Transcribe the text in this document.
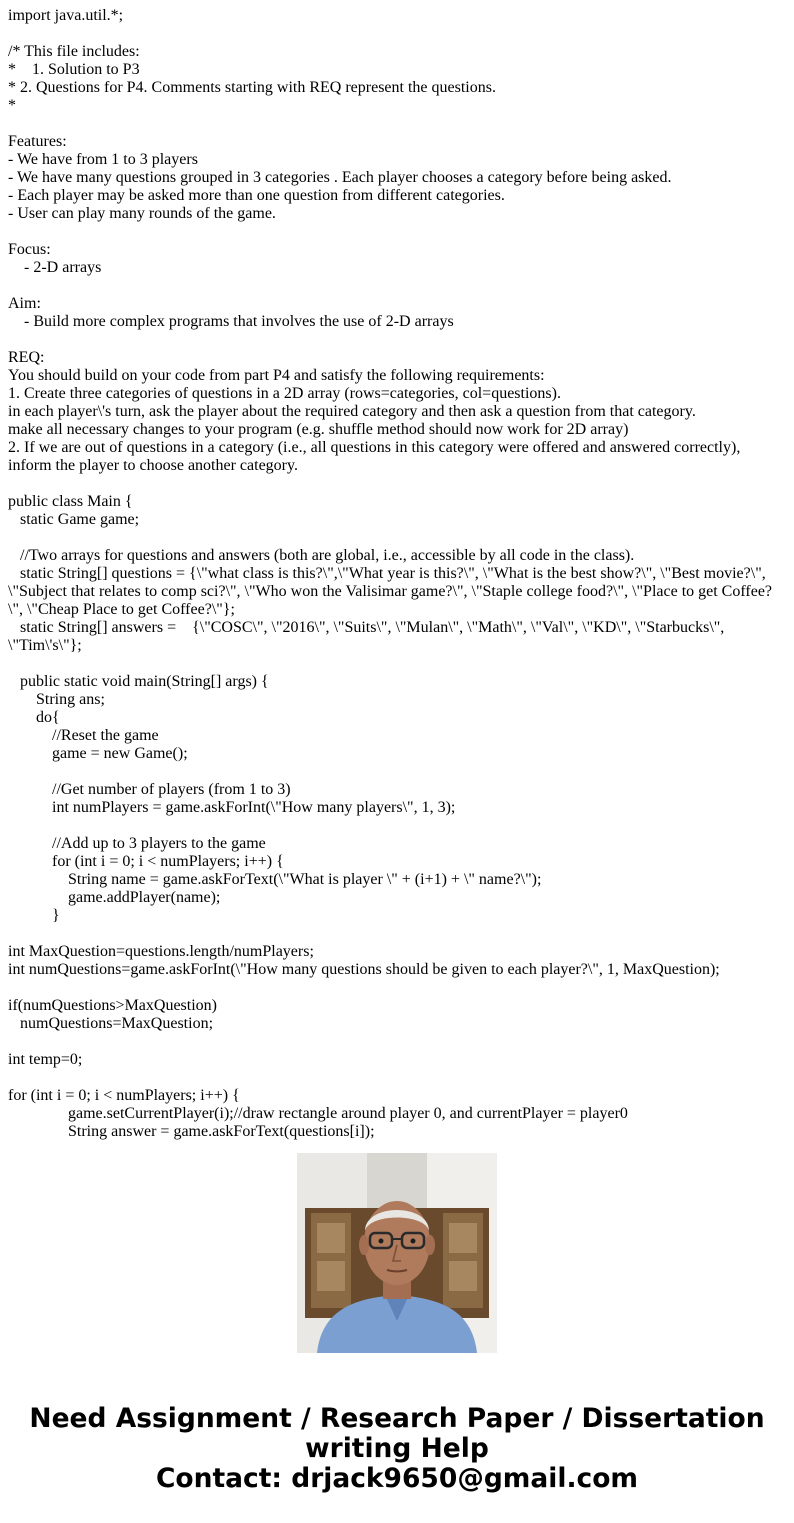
import java.util.*;
/* This file includes:
*    1. Solution to P3
* 2. Questions for P4. Comments starting with REQ represent the questions.
*
Features:
- We have from 1 to 3 players
- We have many questions grouped in 3 categories . Each player chooses a category before being asked.
- Each player may be asked more than one question from different categories.
- User can play many rounds of the game.
Focus:
- 2-D arrays
Aim:
- Build more complex programs that involves the use of 2-D arrays
REQ:
You should build on your code from part P4 and satisfy the following requirements:
1. Create three categories of questions in a 2D array (rows=categories, col=questions).
in each player\'s turn, ask the player about the required category and then ask a question from that category.
make all necessary changes to your program (e.g. shuffle method should now work for 2D array)
2. If we are out of questions in a category (i.e., all questions in this category were offered and answered correctly), inform the player to choose another category.
public class Main {
static Game game;
//Two arrays for questions and answers (both are global, i.e., accessible by all code in the class).
static String[] questions = {\"what class is this?\",\"What year is this?\", \"What is the best show?\", \"Best movie?\", \"Subject that relates to comp sci?\", \"Who won the Valisimar game?\", \"Staple college food?\", \"Place to get Coffee?\", \"Cheap Place to get Coffee?\"};
static String[] answers =    {\"COSC\", \"2016\", \"Suits\", \"Mulan\", \"Math\", \"Val\", \"KD\", \"Starbucks\", \"Tim\'s\"};
public static void main(String[] args) {
String ans;
do{
//Reset the game
game = new Game();
//Get number of players (from 1 to 3)
int numPlayers = game.askForInt(\"How many players\", 1, 3);
//Add up to 3 players to the game
for (int i = 0; i < numPlayers; i++) {
String name = game.askForText(\"What is player \" + (i+1) + \" name?\");
game.addPlayer(name);
}
int MaxQuestion=questions.length/numPlayers;
int numQuestions=game.askForInt(\"How many questions should be given to each player?\", 1, MaxQuestion);
if(numQuestions>MaxQuestion)
numQuestions=MaxQuestion;
int temp=0;
for (int i = 0; i < numPlayers; i++) {
game.setCurrentPlayer(i);//draw rectangle around player 0, and currentPlayer = player0
String answer = game.askForText(questions[i]);
Need Assignment / Research Paper / Dissertation
writing Help
Contact: drjack9650@gmail.com
